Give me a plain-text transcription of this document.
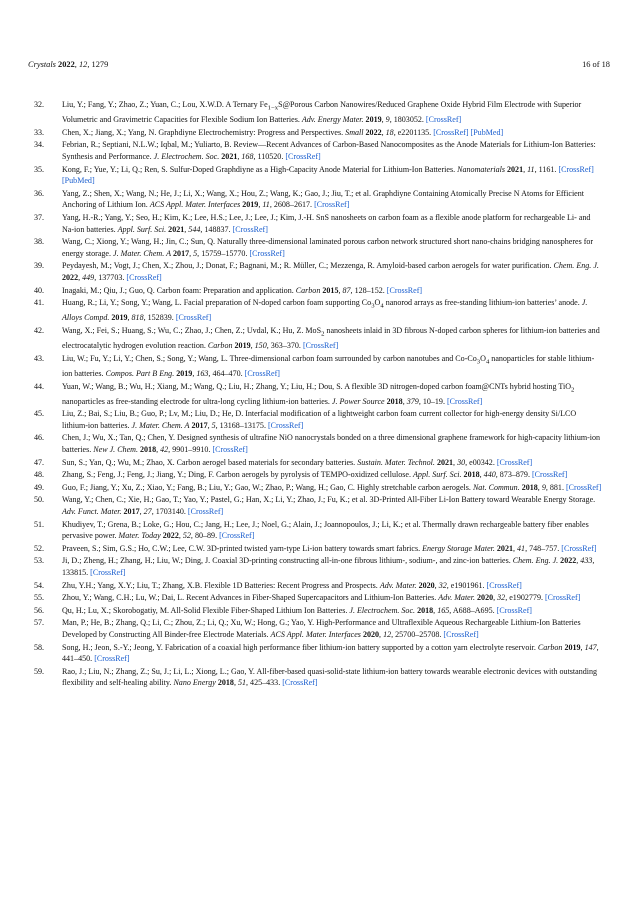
Crystals 2022, 12, 1279	16 of 18
32.	Liu, Y.; Fang, Y.; Zhao, Z.; Yuan, C.; Lou, X.W.D. A Ternary $Fe_{1-x}S@Porous$ Carbon Nanowires/Reduced Graphene Oxide Hybrid Film Electrode with Superior Volumetric and Gravimetric Capacities for Flexible Sodium Ion Batteries. Adv. Energy Mater. 2019, 9, 1803052. [CrossRef]
33.	Chen, X.; Jiang, X.; Yang, N. Graphdiyne Electrochemistry: Progress and Perspectives. Small 2022, 18, e2201135. [CrossRef] [PubMed]
34.	Febrian, R.; Septiani, N.L.W.; Iqbal, M.; Yuliarto, B. Review—Recent Advances of Carbon-Based Nanocomposites as the Anode Materials for Lithium-Ion Batteries: Synthesis and Performance. J. Electrochem. Soc. 2021, 168, 110520. [CrossRef]
35.	Kong, F.; Yue, Y.; Li, Q.; Ren, S. Sulfur-Doped Graphdiyne as a High-Capacity Anode Material for Lithium-Ion Batteries. Nanomaterials 2021, 11, 1161. [CrossRef] [PubMed]
36.	Yang, Z.; Shen, X.; Wang, N.; He, J.; Li, X.; Wang, X.; Hou, Z.; Wang, K.; Gao, J.; Jiu, T.; et al. Graphdiyne Containing Atomically Precise N Atoms for Efficient Anchoring of Lithium Ion. ACS Appl. Mater. Interfaces 2019, 11, 2608–2617. [CrossRef]
37.	Yang, H.-R.; Yang, Y.; Seo, H.; Kim, K.; Lee, H.S.; Lee, J.; Lee, J.; Kim, J.-H. SnS nanosheets on carbon foam as a flexible anode platform for rechargeable Li- and Na-ion batteries. Appl. Surf. Sci. 2021, 544, 148837. [CrossRef]
38.	Wang, C.; Xiong, Y.; Wang, H.; Jin, C.; Sun, Q. Naturally three-dimensional laminated porous carbon network structured short nano-chains bridging nanospheres for energy storage. J. Mater. Chem. A 2017, 5, 15759–15770. [CrossRef]
39.	Peydayesh, M.; Vogt, J.; Chen, X.; Zhou, J.; Donat, F.; Bagnani, M.; R. Müller, C.; Mezzenga, R. Amyloid-based carbon aerogels for water purification. Chem. Eng. J. 2022, 449, 137703. [CrossRef]
40.	Inagaki, M.; Qiu, J.; Guo, Q. Carbon foam: Preparation and application. Carbon 2015, 87, 128–152. [CrossRef]
41.	Huang, R.; Li, Y.; Song, Y.; Wang, L. Facial preparation of N-doped carbon foam supporting $Co_3O_4$ nanorod arrays as free-standing lithium-ion batteries’ anode. J. Alloys Compd. 2019, 818, 152839. [CrossRef]
42.	Wang, X.; Fei, S.; Huang, S.; Wu, C.; Zhao, J.; Chen, Z.; Uvdal, K.; Hu, Z. MoS$_2$ nanosheets inlaid in 3D fibrous N-doped carbon spheres for lithium-ion batteries and electrocatalytic hydrogen evolution reaction. Carbon 2019, 150, 363–370. [CrossRef]
43.	Liu, W.; Fu, Y.; Li, Y.; Chen, S.; Song, Y.; Wang, L. Three-dimensional carbon foam surrounded by carbon nanotubes and $Co-Co_3O_4$ nanoparticles for stable lithium-ion batteries. Compos. Part B Eng. 2019, 163, 464–470. [CrossRef]
44.	Yuan, W.; Wang, B.; Wu, H.; Xiang, M.; Wang, Q.; Liu, H.; Zhang, Y.; Liu, H.; Dou, S. A flexible 3D nitrogen-doped carbon foam@CNTs hybrid hosting TiO$_2$ nanoparticles as free-standing electrode for ultra-long cycling lithium-ion batteries. J. Power Source 2018, 379, 10–19. [CrossRef]
45.	Liu, Z.; Bai, S.; Liu, B.; Guo, P.; Lv, M.; Liu, D.; He, D. Interfacial modification of a lightweight carbon foam current collector for high-energy density Si/LCO lithium-ion batteries. J. Mater. Chem. A 2017, 5, 13168–13175. [CrossRef]
46.	Chen, J.; Wu, X.; Tan, Q.; Chen, Y. Designed synthesis of ultrafine NiO nanocrystals bonded on a three dimensional graphene framework for high-capacity lithium-ion batteries. New J. Chem. 2018, 42, 9901–9910. [CrossRef]
47.	Sun, S.; Yan, Q.; Wu, M.; Zhao, X. Carbon aerogel based materials for secondary batteries. Sustain. Mater. Technol. 2021, 30, e00342. [CrossRef]
48.	Zhang, S.; Feng, J.; Feng, J.; Jiang, Y.; Ding, F. Carbon aerogels by pyrolysis of TEMPO-oxidized cellulose. Appl. Surf. Sci. 2018, 440, 873–879. [CrossRef]
49.	Guo, F.; Jiang, Y.; Xu, Z.; Xiao, Y.; Fang, B.; Liu, Y.; Gao, W.; Zhao, P.; Wang, H.; Gao, C. Highly stretchable carbon aerogels. Nat. Commun. 2018, 9, 881. [CrossRef]
50.	Wang, Y.; Chen, C.; Xie, H.; Gao, T.; Yao, Y.; Pastel, G.; Han, X.; Li, Y.; Zhao, J.; Fu, K.; et al. 3D-Printed All-Fiber Li-Ion Battery toward Wearable Energy Storage. Adv. Funct. Mater. 2017, 27, 1703140. [CrossRef]
51.	Khudiyev, T.; Grena, B.; Loke, G.; Hou, C.; Jang, H.; Lee, J.; Noel, G.; Alain, J.; Joannopoulos, J.; Li, K.; et al. Thermally drawn rechargeable battery fiber enables pervasive power. Mater. Today 2022, 52, 80–89. [CrossRef]
52.	Praveen, S.; Sim, G.S.; Ho, C.W.; Lee, C.W. 3D-printed twisted yarn-type Li-ion battery towards smart fabrics. Energy Storage Mater. 2021, 41, 748–757. [CrossRef]
53.	Ji, D.; Zheng, H.; Zhang, H.; Liu, W.; Ding, J. Coaxial 3D-printing constructing all-in-one fibrous lithium-, sodium-, and zinc-ion batteries. Chem. Eng. J. 2022, 433, 133815. [CrossRef]
54.	Zhu, Y.H.; Yang, X.Y.; Liu, T.; Zhang, X.B. Flexible 1D Batteries: Recent Progress and Prospects. Adv. Mater. 2020, 32, e1901961. [CrossRef]
55.	Zhou, Y.; Wang, C.H.; Lu, W.; Dai, L. Recent Advances in Fiber-Shaped Supercapacitors and Lithium-Ion Batteries. Adv. Mater. 2020, 32, e1902779. [CrossRef]
56.	Qu, H.; Lu, X.; Skorobogatiy, M. All-Solid Flexible Fiber-Shaped Lithium Ion Batteries. J. Electrochem. Soc. 2018, 165, A688–A695. [CrossRef]
57.	Man, P.; He, B.; Zhang, Q.; Li, C.; Zhou, Z.; Li, Q.; Xu, W.; Hong, G.; Yao, Y. High-Performance and Ultraflexible Aqueous Rechargeable Lithium-Ion Batteries Developed by Constructing All Binder-free Electrode Materials. ACS Appl. Mater. Interfaces 2020, 12, 25700–25708. [CrossRef]
58.	Song, H.; Jeon, S.-Y.; Jeong, Y. Fabrication of a coaxial high performance fiber lithium-ion battery supported by a cotton yarn electrolyte reservoir. Carbon 2019, 147, 441–450. [CrossRef]
59.	Rao, J.; Liu, N.; Zhang, Z.; Su, J.; Li, L.; Xiong, L.; Gao, Y. All-fiber-based quasi-solid-state lithium-ion battery towards wearable electronic devices with outstanding flexibility and self-healing ability. Nano Energy 2018, 51, 425–433. [CrossRef]
